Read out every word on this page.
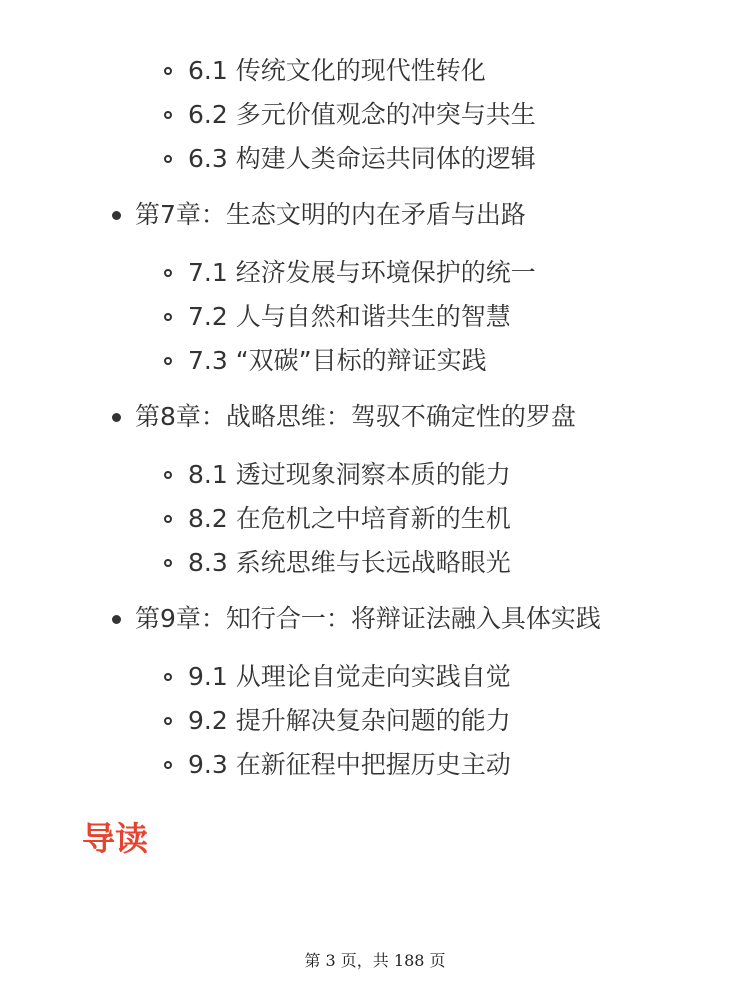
6.1 传统文化的现代性转化
6.2 多元价值观念的冲突与共生
6.3 构建人类命运共同体的逻辑
第7章：生态文明的内在矛盾与出路
7.1 经济发展与环境保护的统一
7.2 人与自然和谐共生的智慧
7.3 “双碳”目标的辩证实践
第8章：战略思维：驾驭不确定性的罗盘
8.1 透过现象洞察本质的能力
8.2 在危机之中培育新的生机
8.3 系统思维与长远战略眼光
第9章：知行合一：将辩证法融入具体实践
9.1 从理论自觉走向实践自觉
9.2 提升解决复杂问题的能力
9.3 在新征程中把握历史主动
导读
第 3 页，共 188 页
